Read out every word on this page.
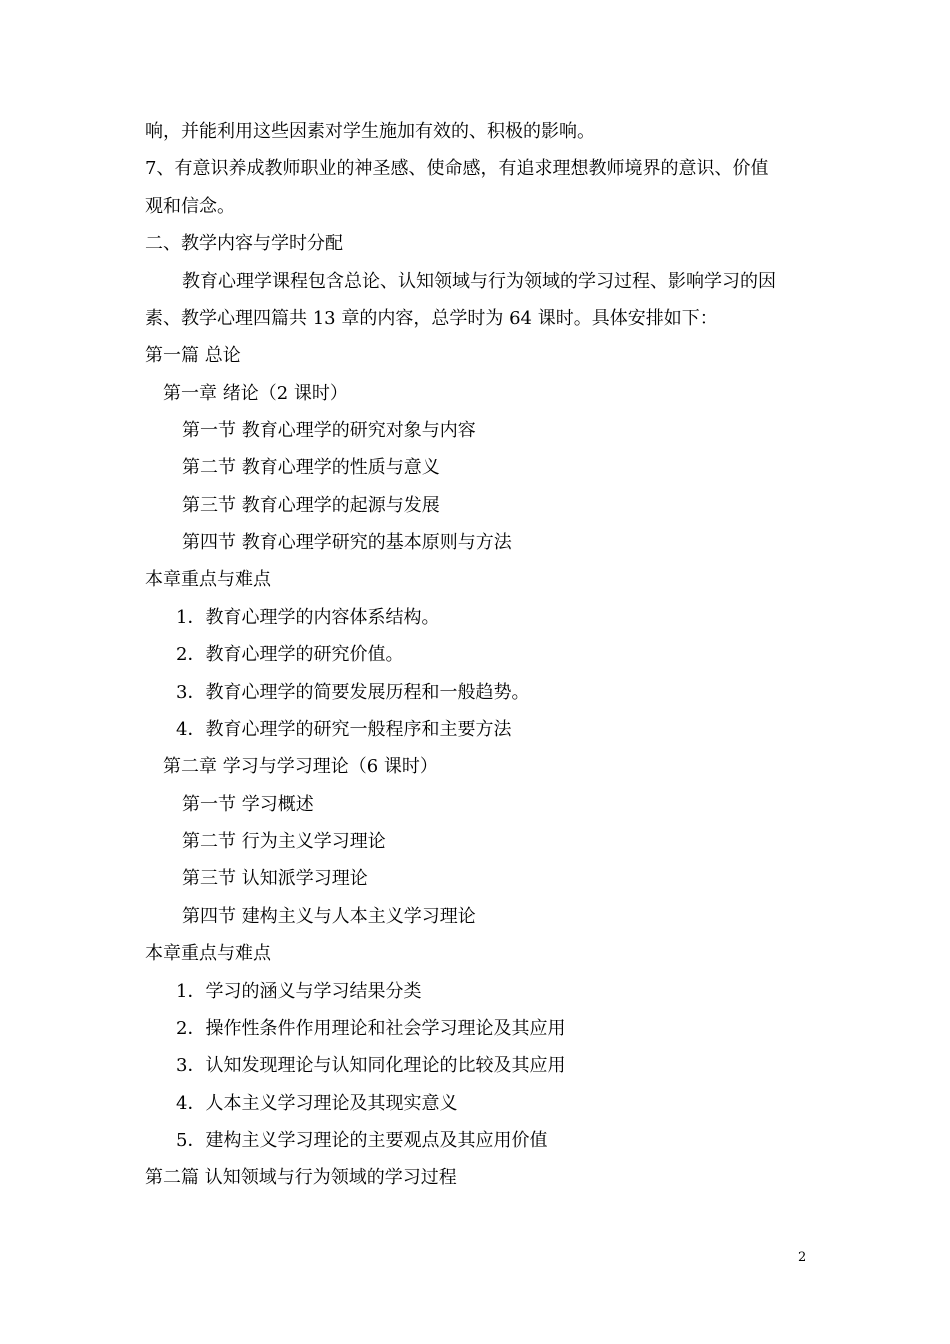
响，并能利用这些因素对学生施加有效的、积极的影响。
7、有意识养成教师职业的神圣感、使命感，有追求理想教师境界的意识、价值
观和信念。
二、教学内容与学时分配
教育心理学课程包含总论、认知领域与行为领域的学习过程、影响学习的因
素、教学心理四篇共 13 章的内容，总学时为 64 课时。具体安排如下：
第一篇 总论
第一章 绪论（2 课时）
第一节 教育心理学的研究对象与内容
第二节 教育心理学的性质与意义
第三节 教育心理学的起源与发展
第四节 教育心理学研究的基本原则与方法
本章重点与难点
1．教育心理学的内容体系结构。
2．教育心理学的研究价值。
3．教育心理学的简要发展历程和一般趋势。
4．教育心理学的研究一般程序和主要方法
第二章 学习与学习理论（6 课时）
第一节 学习概述
第二节 行为主义学习理论
第三节 认知派学习理论
第四节 建构主义与人本主义学习理论
本章重点与难点
1．学习的涵义与学习结果分类
2．操作性条件作用理论和社会学习理论及其应用
3．认知发现理论与认知同化理论的比较及其应用
4．人本主义学习理论及其现实意义
5．建构主义学习理论的主要观点及其应用价值
第二篇 认知领域与行为领域的学习过程
2
